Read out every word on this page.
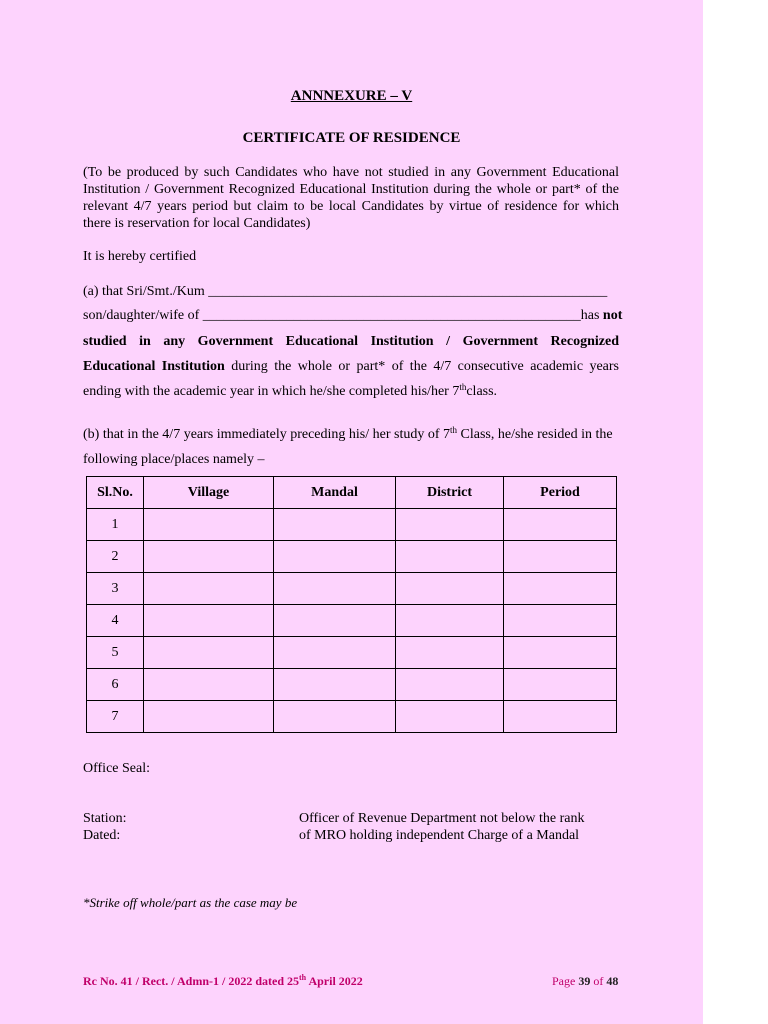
ANNNEXURE – V
CERTIFICATE OF RESIDENCE
(To be produced by such Candidates who have not studied in any Government Educational Institution / Government Recognized Educational Institution during the whole or part* of the relevant 4/7 years period but claim to be local Candidates by virtue of residence for which there is reservation for local Candidates)
It is hereby certified
(a) that Sri/Smt./Kum _________________________________________________________
son/daughter/wife of ______________________________________________________has not
studied in any Government Educational Institution / Government Recognized
Educational Institution during the whole or part* of the 4/7 consecutive academic years
ending with the academic year in which he/she completed his/her 7thclass.
(b) that in the 4/7 years immediately preceding his/ her study of 7th Class, he/she resided in the
following place/places namely –
Sl.No.	Village	Mandal	District	Period
1				
2				
3				
4				
5				
6				
7				
Office Seal:
Station:
Dated:
Officer of Revenue Department not below the rank
of MRO holding independent Charge of a Mandal
*Strike off whole/part as the case may be
Rc No. 41 / Rect. / Admn-1 / 2022 dated 25th April 2022	Page 39 of 48
